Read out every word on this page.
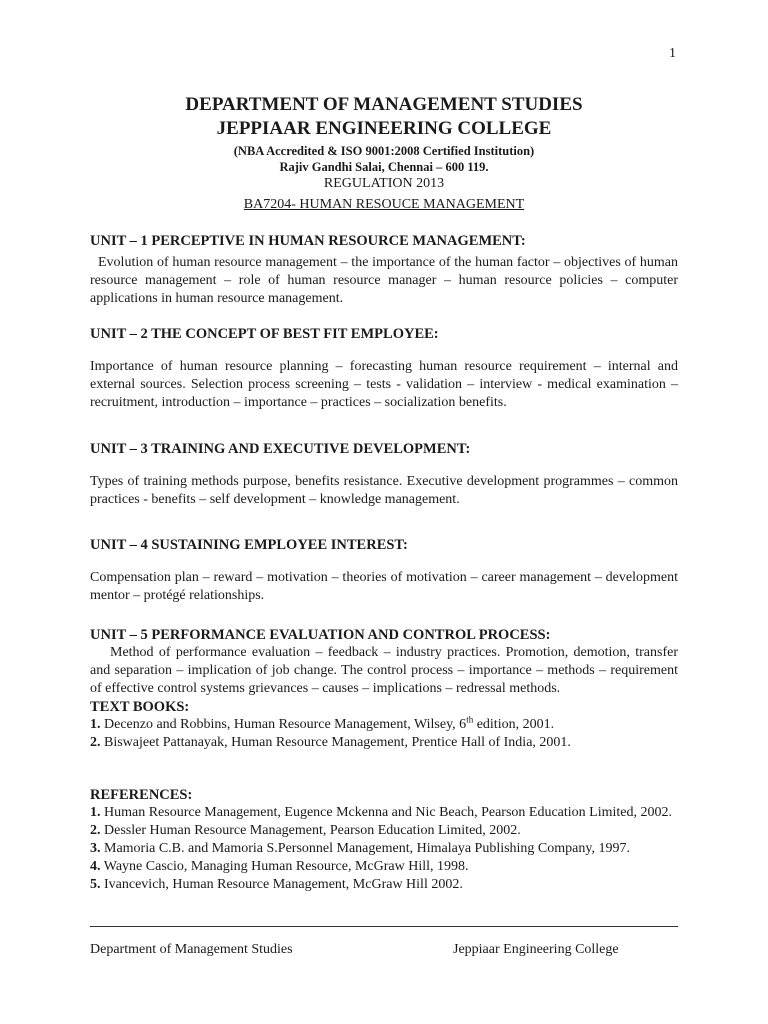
1
DEPARTMENT OF MANAGEMENT STUDIES
JEPPIAAR ENGINEERING COLLEGE
(NBA Accredited & ISO 9001:2008 Certified Institution)
Rajiv Gandhi Salai, Chennai – 600 119.
REGULATION 2013
BA7204- HUMAN RESOUCE MANAGEMENT
UNIT – 1 PERCEPTIVE IN HUMAN RESOURCE MANAGEMENT:
Evolution of human resource management – the importance of the human factor – objectives of human resource management – role of human resource manager – human resource policies – computer applications in human resource management.
UNIT – 2 THE CONCEPT OF BEST FIT EMPLOYEE:
Importance of human resource planning – forecasting human resource requirement – internal and external sources. Selection process screening – tests - validation – interview - medical examination – recruitment, introduction – importance – practices – socialization benefits.
UNIT – 3 TRAINING AND EXECUTIVE DEVELOPMENT:
Types of training methods purpose, benefits resistance. Executive development programmes – common practices - benefits – self development – knowledge management.
UNIT – 4 SUSTAINING EMPLOYEE INTEREST:
Compensation plan – reward – motivation – theories of motivation – career management – development mentor – protégé relationships.
UNIT – 5 PERFORMANCE EVALUATION AND CONTROL PROCESS:
Method of performance evaluation – feedback – industry practices. Promotion, demotion, transfer and separation – implication of job change. The control process – importance – methods – requirement of effective control systems grievances – causes – implications – redressal methods.
TEXT BOOKS:
1. Decenzo and Robbins, Human Resource Management, Wilsey, 6th edition, 2001.
2. Biswajeet Pattanayak, Human Resource Management, Prentice Hall of India, 2001.
REFERENCES:
1. Human Resource Management, Eugence Mckenna and Nic Beach, Pearson Education Limited, 2002.
2. Dessler Human Resource Management, Pearson Education Limited, 2002.
3. Mamoria C.B. and Mamoria S.Personnel Management, Himalaya Publishing Company, 1997.
4. Wayne Cascio, Managing Human Resource, McGraw Hill, 1998.
5. Ivancevich, Human Resource Management, McGraw Hill 2002.
Department of Management Studies	Jeppiaar Engineering College
